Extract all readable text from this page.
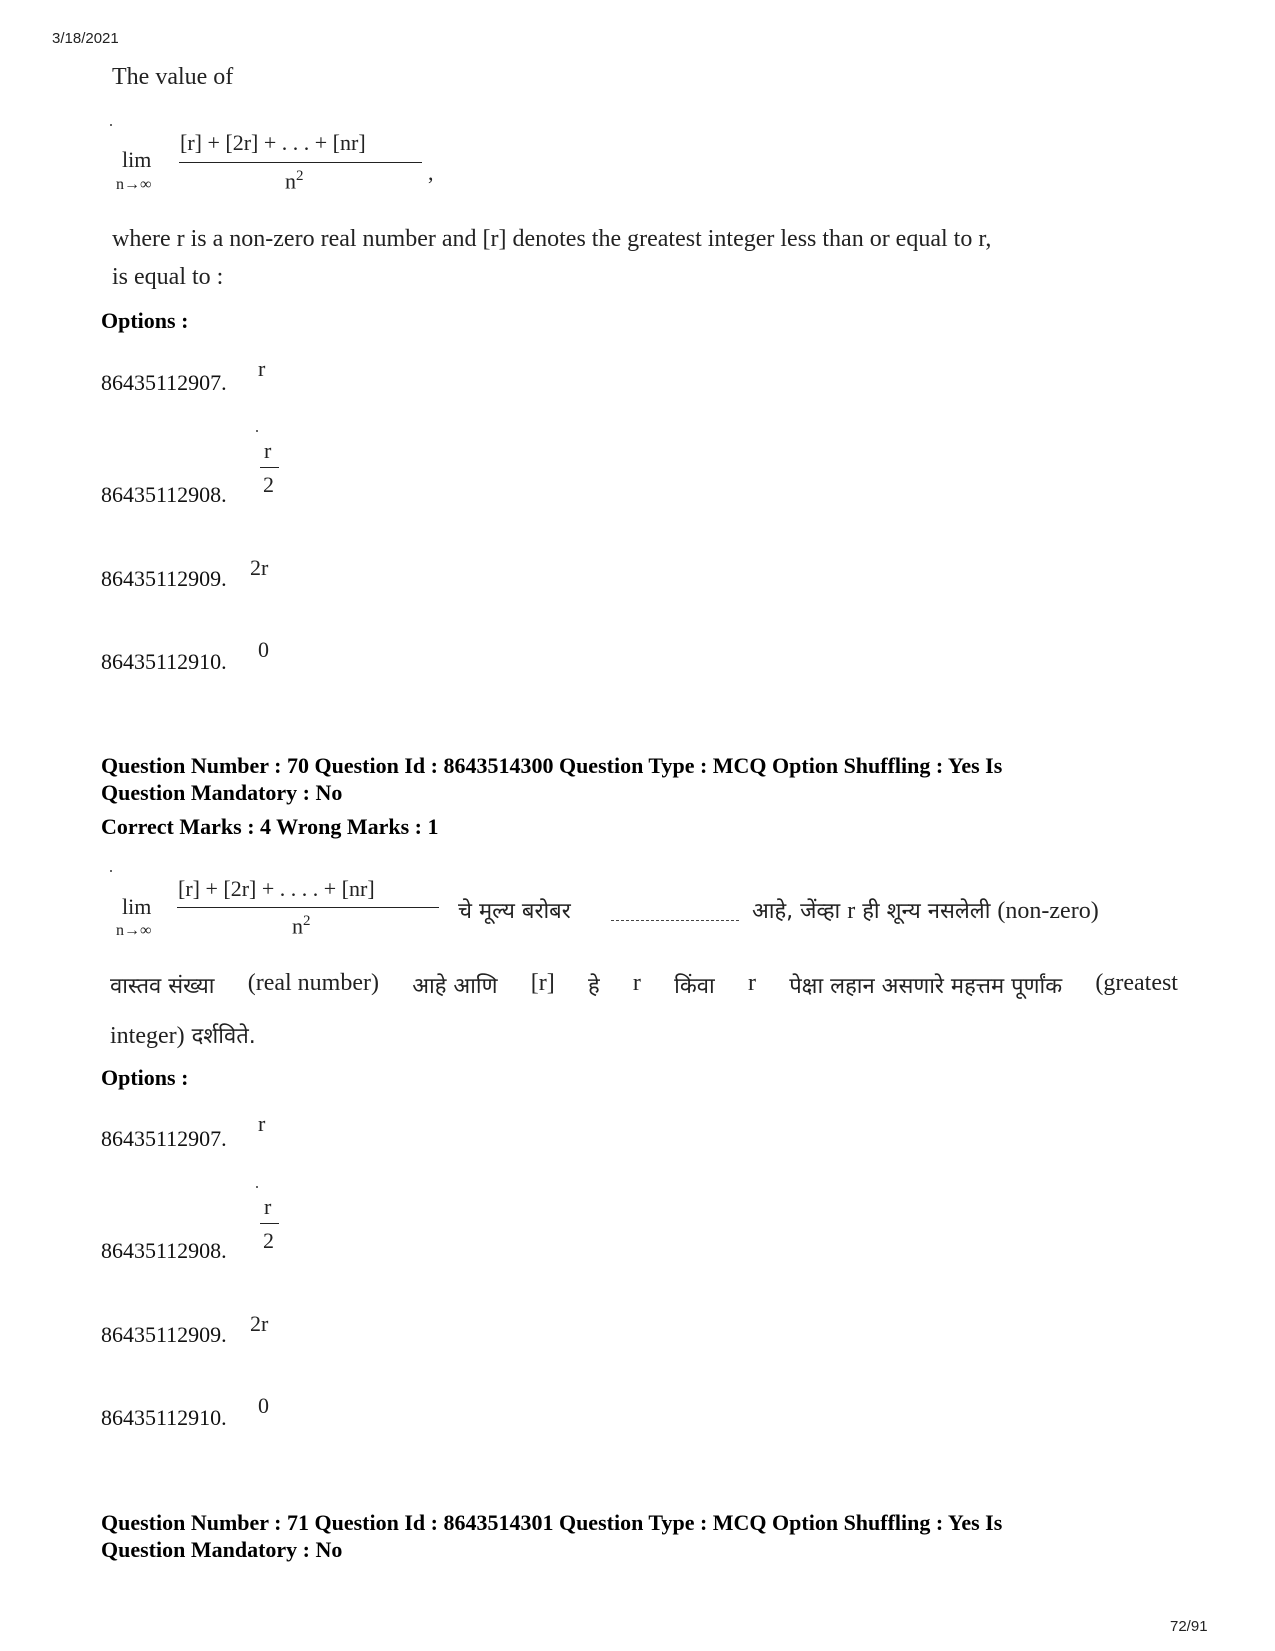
3/18/2021
The value of
lim
n→∞
[r] + [2r] + . . . + [nr]
$n^2$	,
where r is a non-zero real number and [r] denotes the greatest integer less than or equal to r,
is equal to :
Options :
86435112907.
r
86435112908.
r
2
86435112909. 2r
86435112910. 0
Question Number : 70 Question Id : 8643514300 Question Type : MCQ Option Shuffling : Yes Is
Question Mandatory : No
Correct Marks : 4 Wrong Marks : 1
lim
n→∞
[r] + [2r] + . . . . + [nr]
$n^2$	चे मूल्य बरोबर	आहे, जेंव्हा r ही शून्य नसलेली (non-zero)
वास्तव संख्या (real number) आहे आणि [r] हे r किंवा r पेक्षा लहान असणारे महत्तम पूर्णांक (greatest
integer) दर्शविते.
Options :
86435112907.
r
86435112908.
r
2
86435112909. 2r
86435112910. 0
Question Number : 71 Question Id : 8643514301 Question Type : MCQ Option Shuffling : Yes Is
Question Mandatory : No
72/91
